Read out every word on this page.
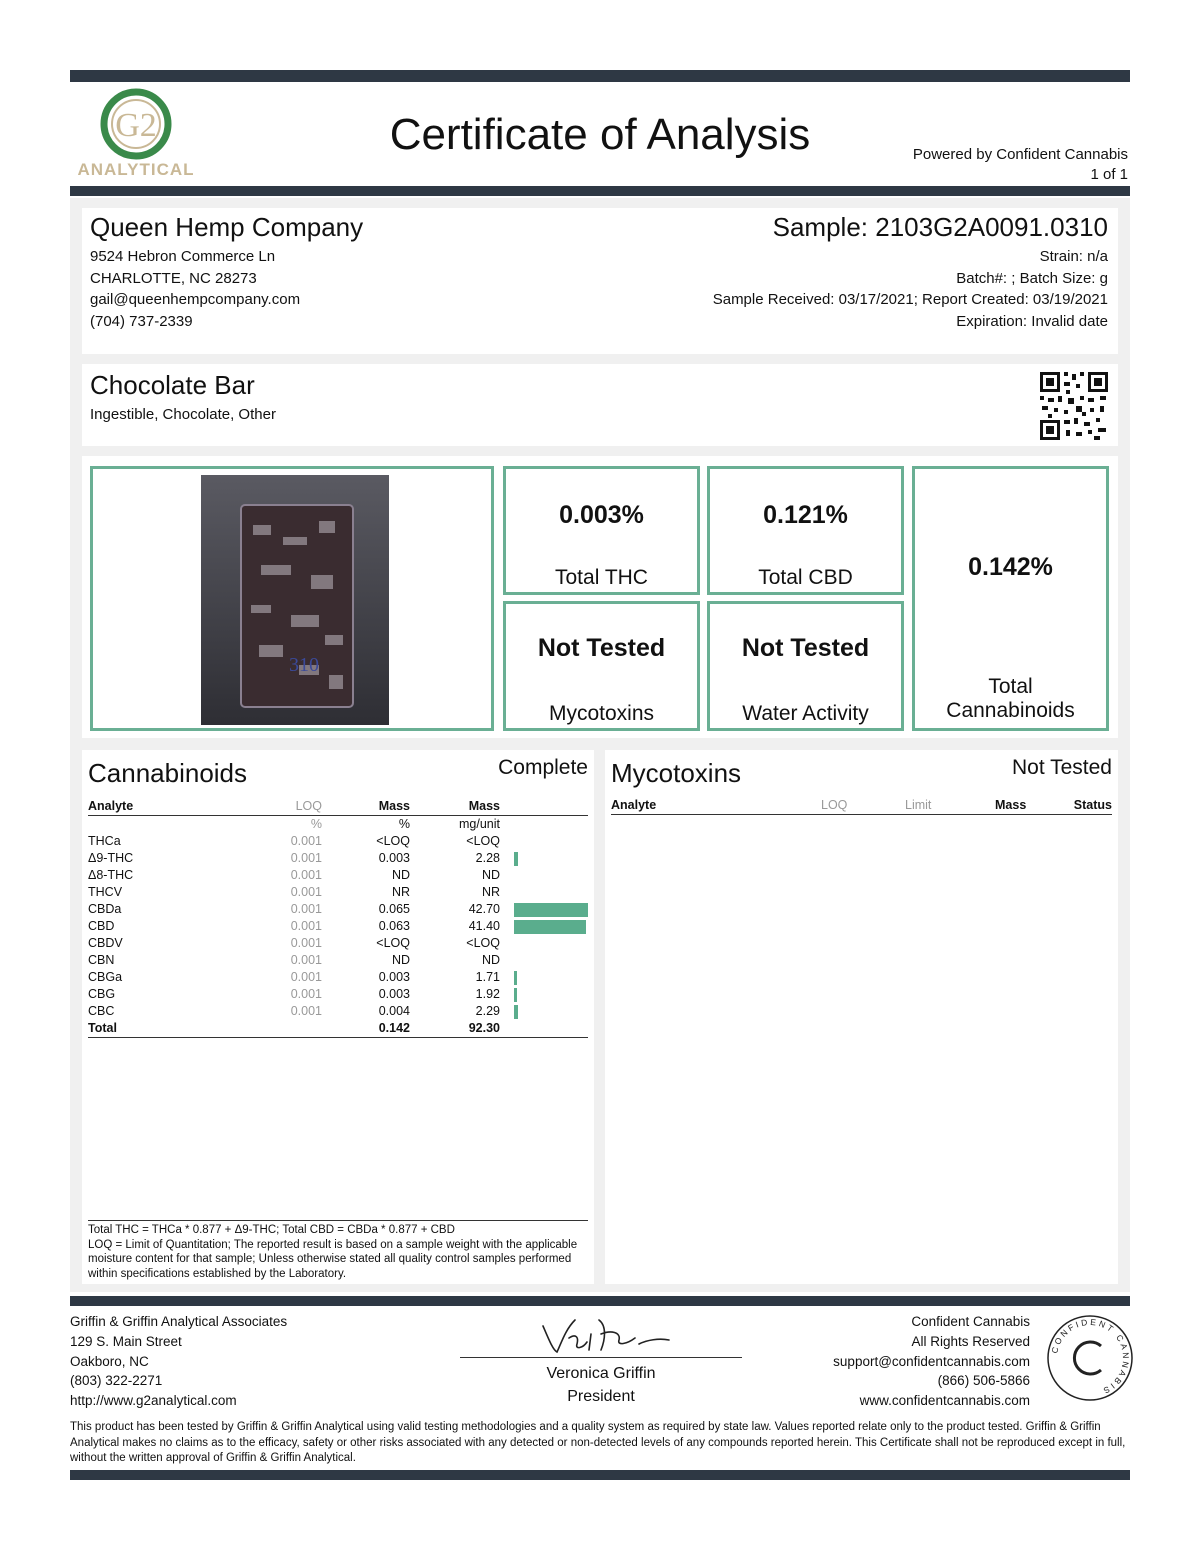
G2
ANALYTICAL
Certificate of Analysis	Powered by Confident Cannabis
1 of 1
Queen Hemp Company
9524 Hebron Commerce Ln
CHARLOTTE, NC 28273
gail@queenhempcompany.com
(704) 737-2339
Sample: 2103G2A0091.0310
Strain: n/a
Batch#: ; Batch Size: g
Sample Received: 03/17/2021; Report Created: 03/19/2021
Expiration: Invalid date
Chocolate Bar
Ingestible, Chocolate, Other
310
0.003%
Total THC
0.121%
Total CBD	0.142%
Total
Cannabinoids
Not Tested
Mycotoxins
Not Tested
Water Activity
Cannabinoids	Complete
Analyte	LOQ	Mass	Mass	
	%	%	mg/unit	
THCa	0.001	<LOQ	<LOQ	
Δ9-THC	0.001	0.003	2.28	
Δ8-THC	0.001	ND	ND	
THCV	0.001	NR	NR	
CBDa	0.001	0.065	42.70	
CBD	0.001	0.063	41.40	
CBDV	0.001	<LOQ	<LOQ	
CBN	0.001	ND	ND	
CBGa	0.001	0.003	1.71	
CBG	0.001	0.003	1.92	
CBC	0.001	0.004	2.29	
Total		0.142	92.30	
Total THC = THCa * 0.877 + Δ9-THC; Total CBD = CBDa * 0.877 + CBD
LOQ = Limit of Quantitation; The reported result is based on a sample weight with the applicable moisture content for that sample; Unless otherwise stated all quality control samples performed within specifications established by the Laboratory.
Mycotoxins	Not Tested
Analyte	LOQ	Limit	Mass	Status
Griffin & Griffin Analytical Associates
129 S. Main Street
Oakboro, NC
(803) 322-2271
http://www.g2analytical.com
Veronica Griffin
President
Confident Cannabis
All Rights Reserved
support@confidentcannabis.com
(866) 506-5866
www.confidentcannabis.com
CONFIDENT CANNABIS
This product has been tested by Griffin & Griffin Analytical using valid testing methodologies and a quality system as required by state law. Values reported relate only to the product tested. Griffin & Griffin Analytical makes no claims as to the efficacy, safety or other risks associated with any detected or non-detected levels of any compounds reported herein. This Certificate shall not be reproduced except in full, without the written approval of Griffin & Griffin Analytical.
